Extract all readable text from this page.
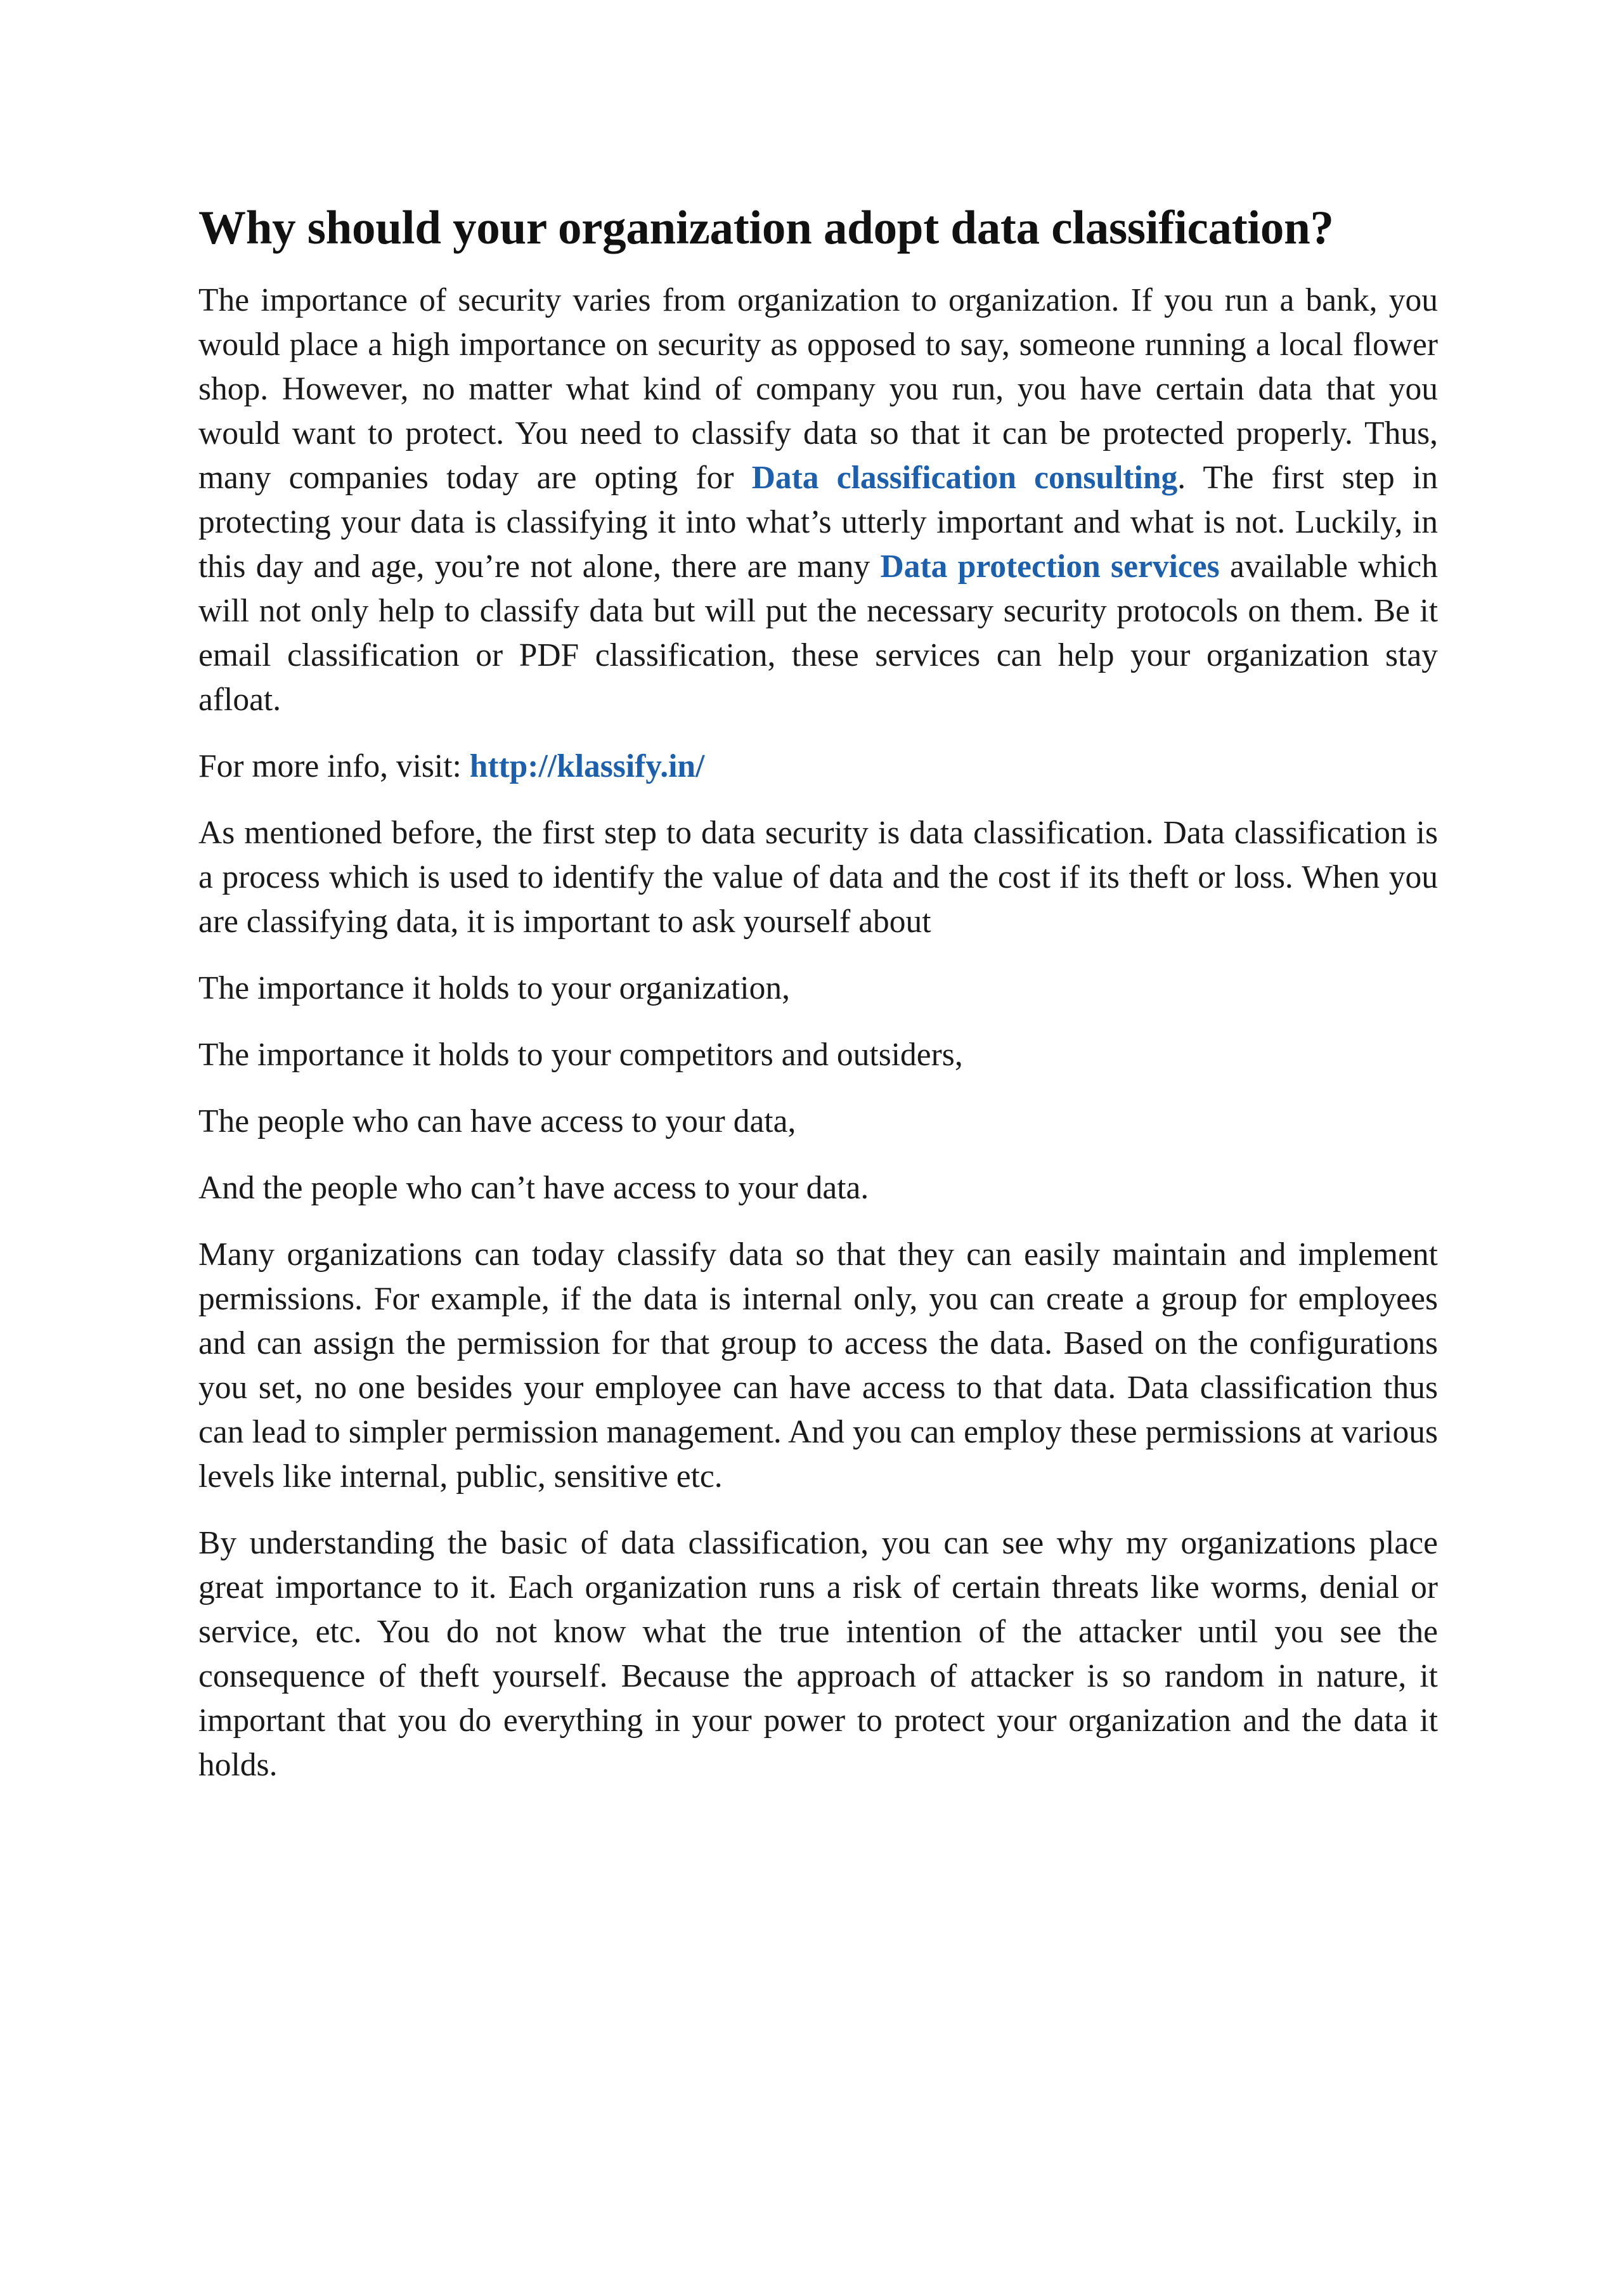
Why should your organization adopt data classification?

The importance of security varies from organization to organization. If you run a bank, you would place a high importance on security as opposed to say, someone running a local flower shop. However, no matter what kind of company you run, you have certain data that you would want to protect. You need to classify data so that it can be protected properly. Thus, many companies today are opting for Data classification consulting. The first step in protecting your data is classifying it into what’s utterly important and what is not. Luckily, in this day and age, you’re not alone, there are many Data protection services available which will not only help to classify data but will put the necessary security protocols on them. Be it email classification or PDF classification, these services can help your organization stay afloat.

For more info, visit: http://klassify.in/

As mentioned before, the first step to data security is data classification. Data classification is a process which is used to identify the value of data and the cost if its theft or loss. When you are classifying data, it is important to ask yourself about

The importance it holds to your organization,

The importance it holds to your competitors and outsiders,

The people who can have access to your data,

And the people who can’t have access to your data.

Many organizations can today classify data so that they can easily maintain and implement permissions. For example, if the data is internal only, you can create a group for employees and can assign the permission for that group to access the data. Based on the configurations you set, no one besides your employee can have access to that data. Data classification thus can lead to simpler permission management. And you can employ these permissions at various levels like internal, public, sensitive etc.

By understanding the basic of data classification, you can see why my organizations place great importance to it. Each organization runs a risk of certain threats like worms, denial or service, etc. You do not know what the true intention of the attacker until you see the consequence of theft yourself. Because the approach of attacker is so random in nature, it important that you do everything in your power to protect your organization and the data it holds.
